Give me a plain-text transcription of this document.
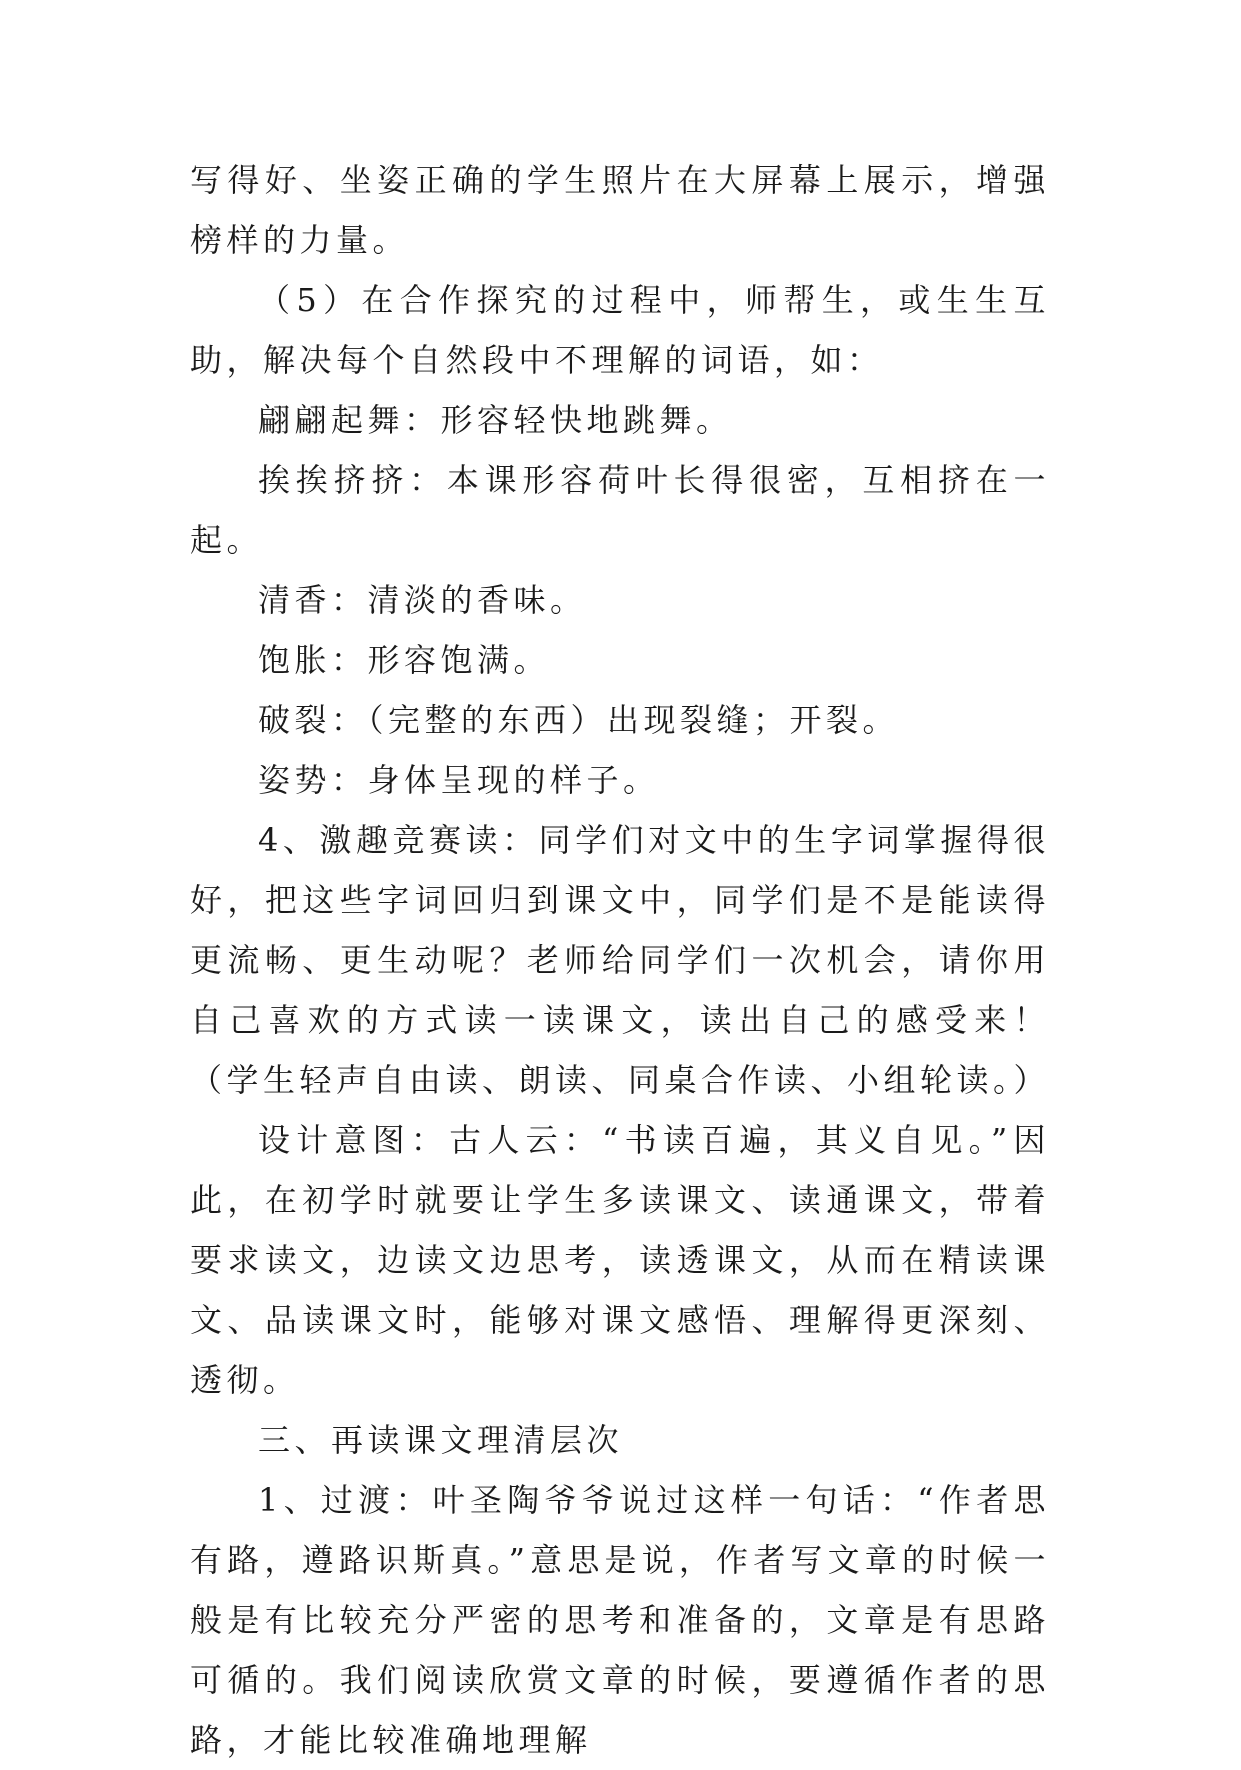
写得好、坐姿正确的学生照片在大屏幕上展示，增强榜样的力量。

（5）在合作探究的过程中，师帮生，或生生互助，解决每个自然段中不理解的词语，如：

翩翩起舞：形容轻快地跳舞。

挨挨挤挤：本课形容荷叶长得很密，互相挤在一起。

清香：清淡的香味。

饱胀：形容饱满。

破裂：（完整的东西）出现裂缝；开裂。

姿势：身体呈现的样子。

4、激趣竞赛读：同学们对文中的生字词掌握得很好，把这些字词回归到课文中，同学们是不是能读得更流畅、更生动呢？老师给同学们一次机会，请你用自己喜欢的方式读一读课文，读出自己的感受来！（学生轻声自由读、朗读、同桌合作读、小组轮读。）

设计意图：古人云：“书读百遍，其义自见。”因此，在初学时就要让学生多读课文、读通课文，带着要求读文，边读文边思考，读透课文，从而在精读课文、品读课文时，能够对课文感悟、理解得更深刻、透彻。

三、再读课文理清层次

1、过渡：叶圣陶爷爷说过这样一句话：“作者思有路，遵路识斯真。”意思是说，作者写文章的时候一般是有比较充分严密的思考和准备的，文章是有思路可循的。我们阅读欣赏文章的时候，要遵循作者的思路，才能比较准确地理解
